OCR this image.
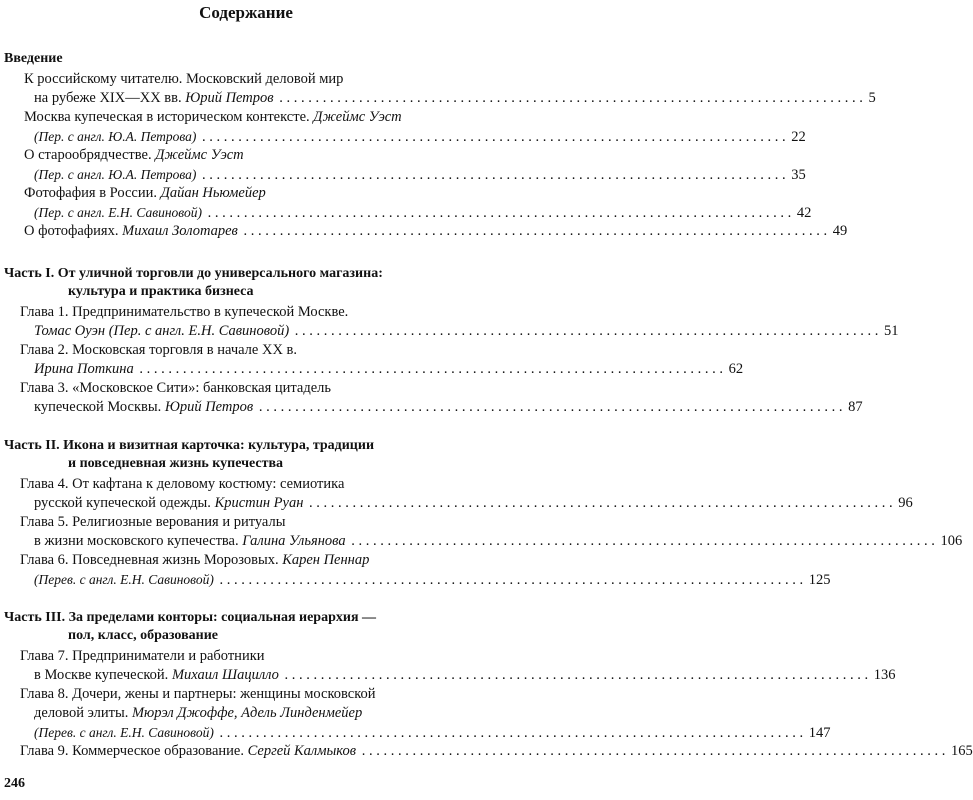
Содержание
Введение
К российскому читателю. Московский деловой мир
на рубеже XIX—XX вв. Юрий Петров . . .	5
Москва купеческая в историческом контексте. Джеймс Уэст
(Пер. с англ. Ю.А. Петрова) . . .	22
О старообрядчестве. Джеймс Уэст
(Пер. с англ. Ю.А. Петрова) . . .	35
Фотофафия в России. Дайан Ньюмейер
(Пер. с англ. Е.Н. Савиновой) . . .	42
О фотофафиях. Михаил Золотарев . . .	49
Часть I. От уличной торговли до универсального магазина:
культура и практика бизнеса
Глава 1. Предпринимательство в купеческой Москве.
Томас Оуэн (Пер. с англ. Е.Н. Савиновой) . . .	51
Глава 2. Московская торговля в начале XX в.
Ирина Поткина . . .	62
Глава 3. «Московское Сити»: банковская цитадель
купеческой Москвы. Юрий Петров . . .	87
Часть II. Икона и визитная карточка: культура, традиции
и повседневная жизнь купечества
Глава 4. От кафтана к деловому костюму: семиотика
русской купеческой одежды. Кристин Руан . . .	96
Глава 5. Религиозные верования и ритуалы
в жизни московского купечества. Галина Ульянова . . .	106
Глава 6. Повседневная жизнь Морозовых. Карен Пеннар
(Перев. с англ. Е.Н. Савиновой) . . .	125
Часть III. За пределами конторы: социальная иерархия —
пол, класс, образование
Глава 7. Предприниматели и работники
в Москве купеческой. Михаил Шацилло . . .	136
Глава 8. Дочери, жены и партнеры: женщины московской
деловой элиты. Мюрэл Джоффе, Адель Линденмейер
(Перев. с англ. Е.Н. Савиновой) . . .	147
Глава 9. Коммерческое образование. Сергей Калмыков . . .	165
246
